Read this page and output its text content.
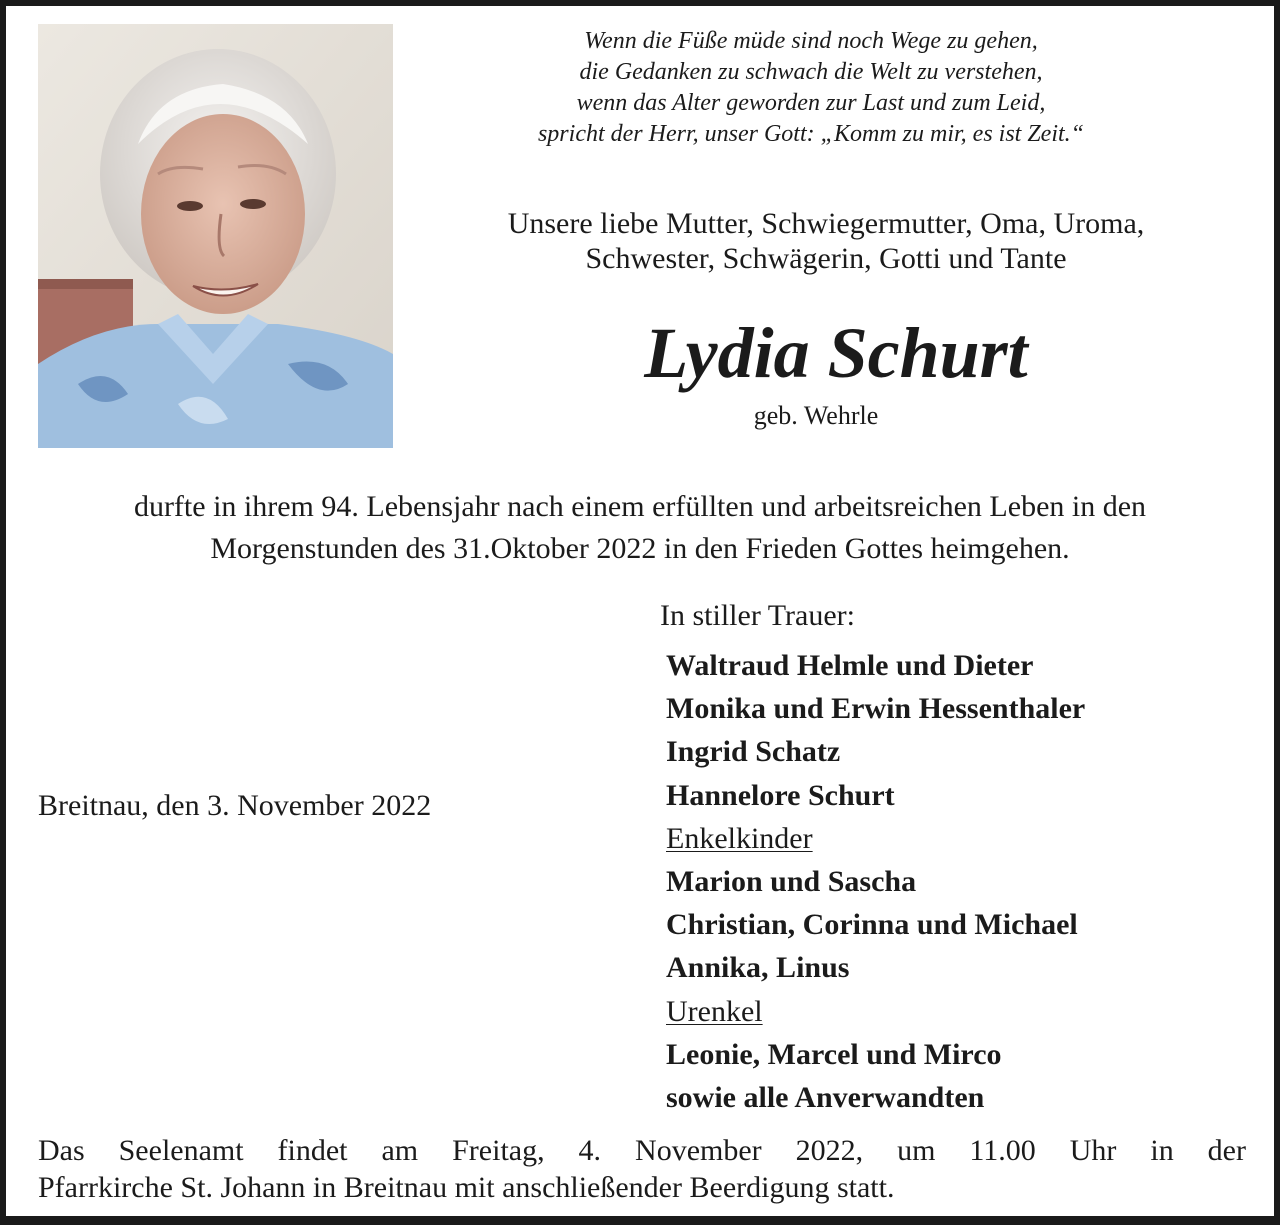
Wenn die Füße müde sind noch Wege zu gehen,
die Gedanken zu schwach die Welt zu verstehen,
wenn das Alter geworden zur Last und zum Leid,
spricht der Herr, unser Gott: „Komm zu mir, es ist Zeit.“
Unsere liebe Mutter, Schwiegermutter, Oma, Uroma,
Schwester, Schwägerin, Gotti und Tante
Lydia Schurt
geb. Wehrle
durfte in ihrem 94. Lebensjahr nach einem erfüllten und arbeitsreichen Leben in den
Morgenstunden des 31.Oktober 2022 in den Frieden Gottes heimgehen.
Breitnau, den 3. November 2022
In stiller Trauer:
Waltraud Helmle und Dieter
Monika und Erwin Hessenthaler
Ingrid Schatz
Hannelore Schurt
Enkelkinder
Marion und Sascha
Christian, Corinna und Michael
Annika, Linus
Urenkel
Leonie, Marcel und Mirco
sowie alle Anverwandten
Das Seelenamt findet am Freitag, 4. November 2022, um 11.00 Uhr in der
Pfarrkirche St. Johann in Breitnau mit anschließender Beerdigung statt.
